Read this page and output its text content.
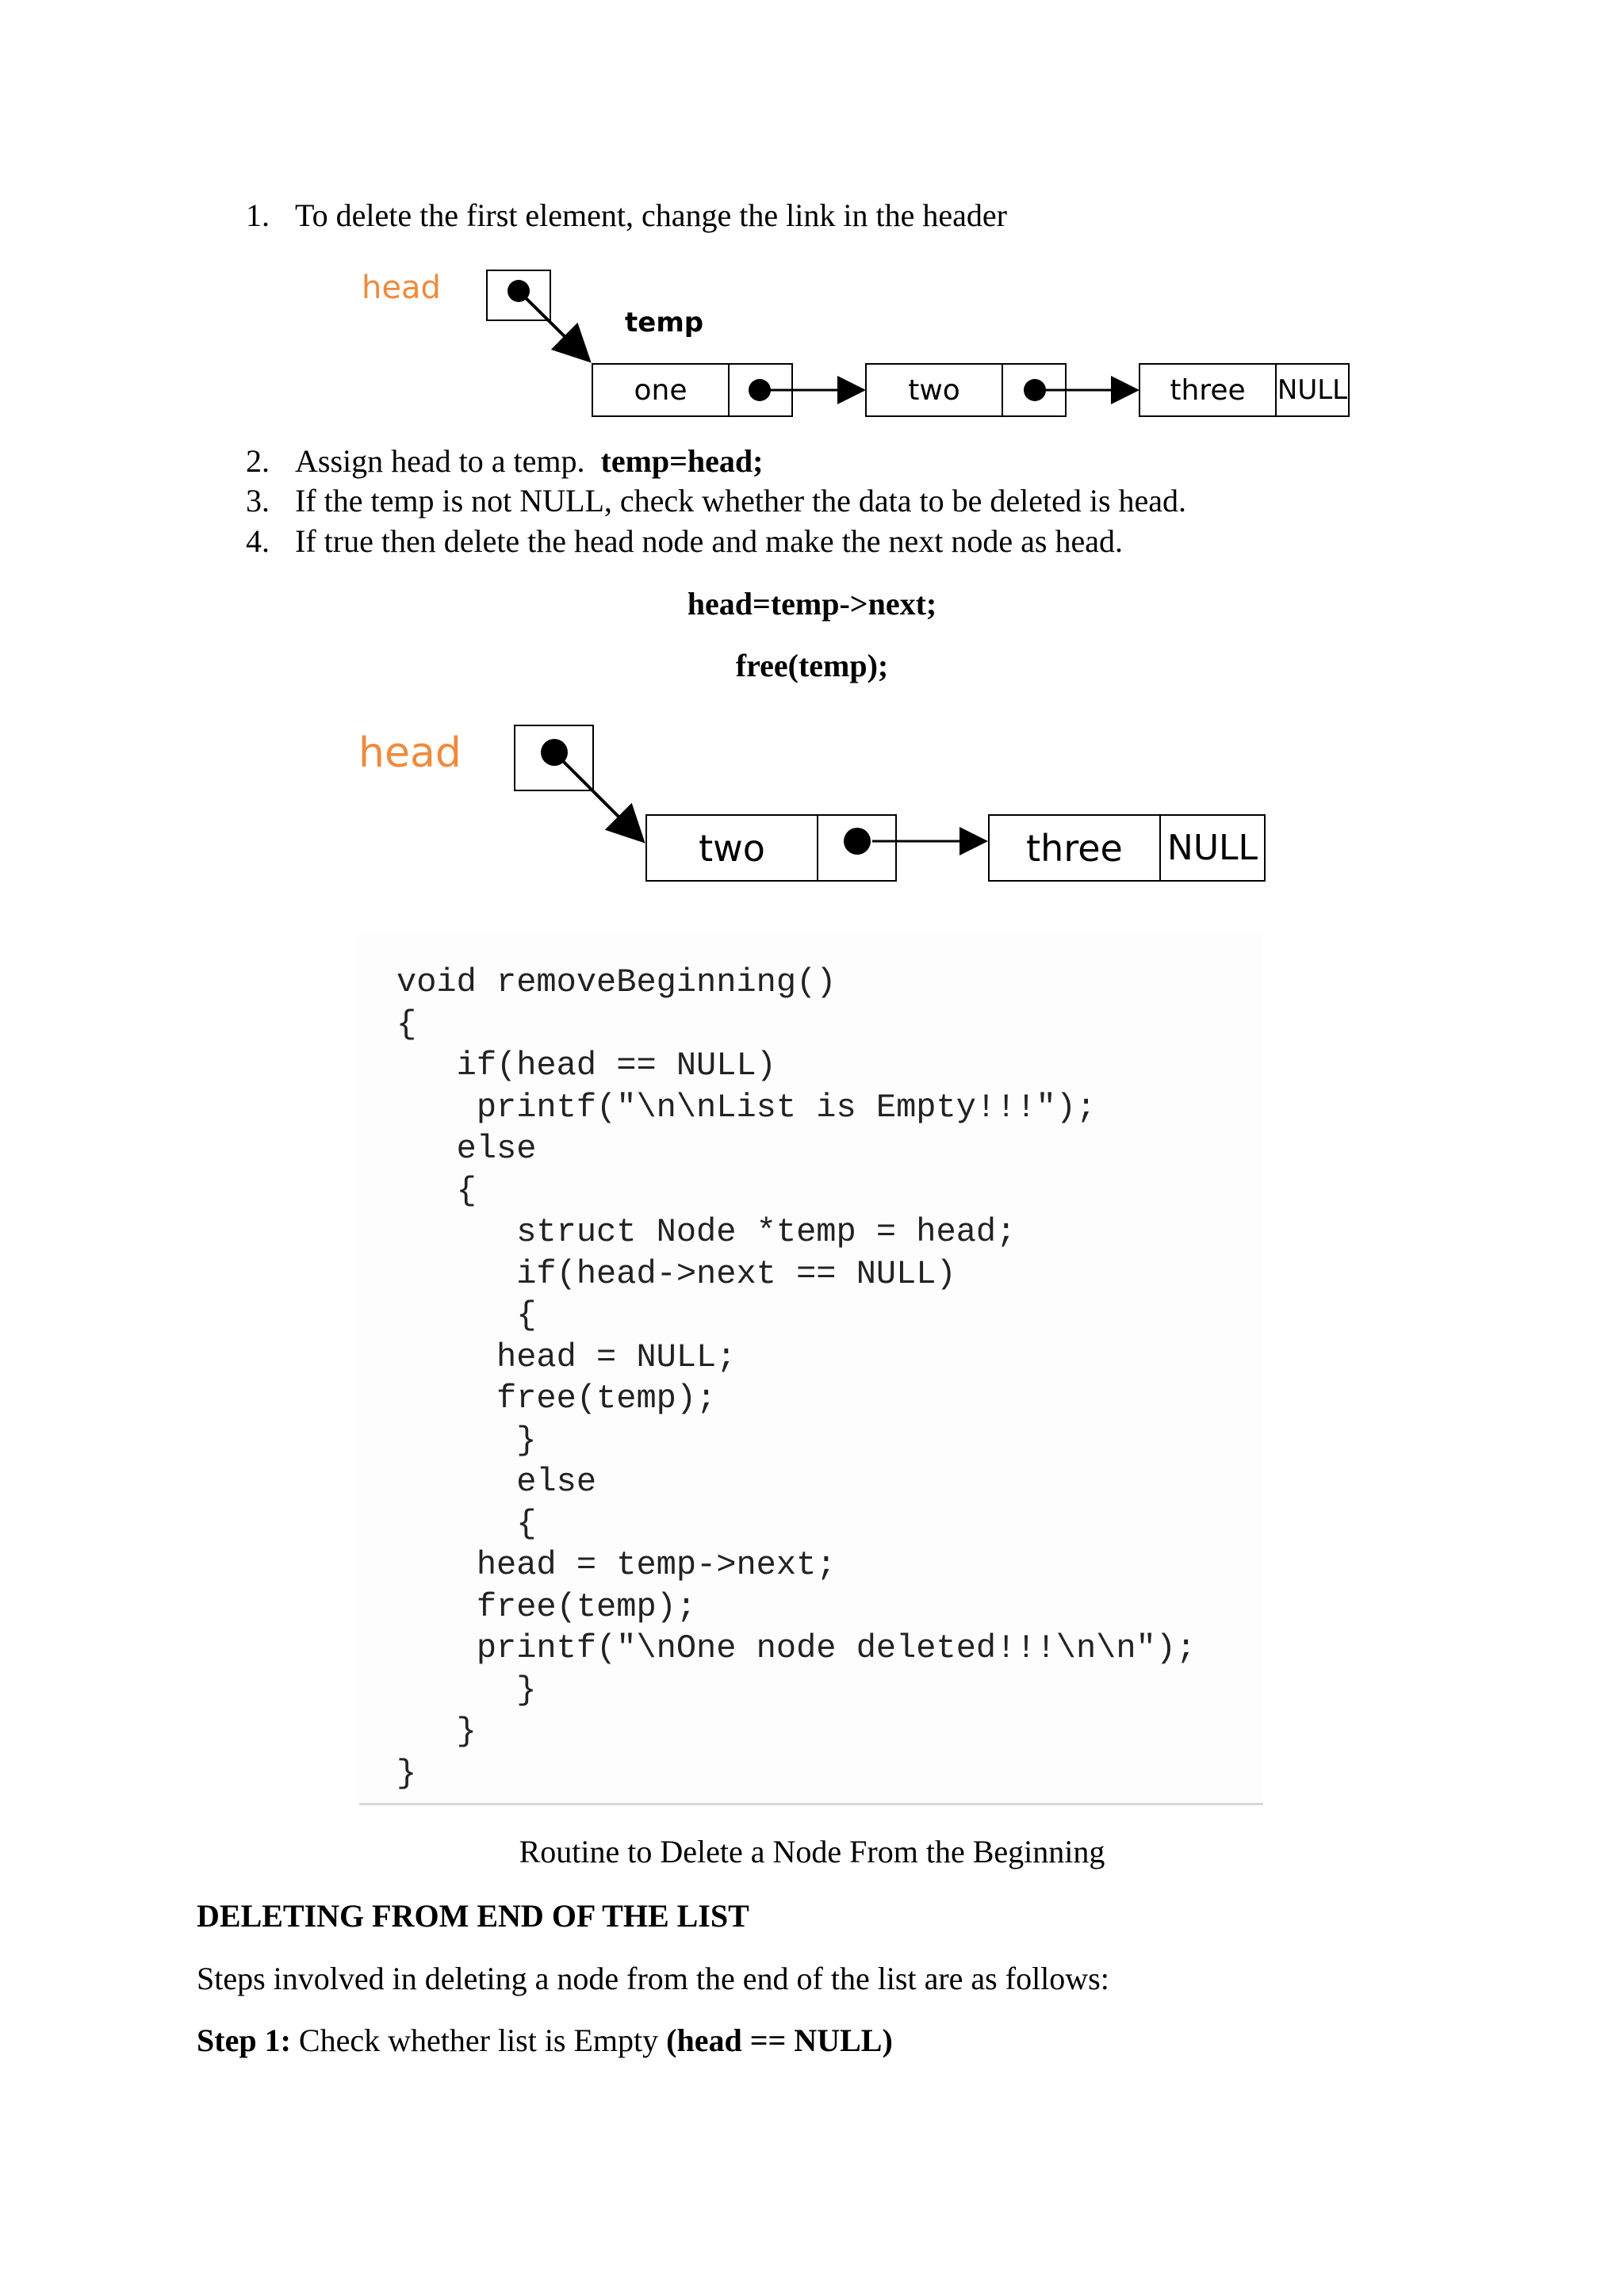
1. To delete the first element, change the link in the header
head
temp
one	two	three	NULL
2. Assign head to a temp. temp=head;
3. If the temp is not NULL, check whether the data to be deleted is head.
4. If true then delete the head node and make the next node as head.
head=temp->next;
free(temp);
head
two	three	NULL
void removeBeginning()
{
if(head == NULL)
printf("\n\nList is Empty!!!");
else
{
struct Node *temp = head;
if(head->next == NULL)
{
head = NULL;
free(temp);
}
else
{
head = temp->next;
free(temp);
printf("\nOne node deleted!!!\n\n");
}
}
}
Routine to Delete a Node From the Beginning
DELETING FROM END OF THE LIST
Steps involved in deleting a node from the end of the list are as follows:
Step 1: Check whether list is Empty (head == NULL)
